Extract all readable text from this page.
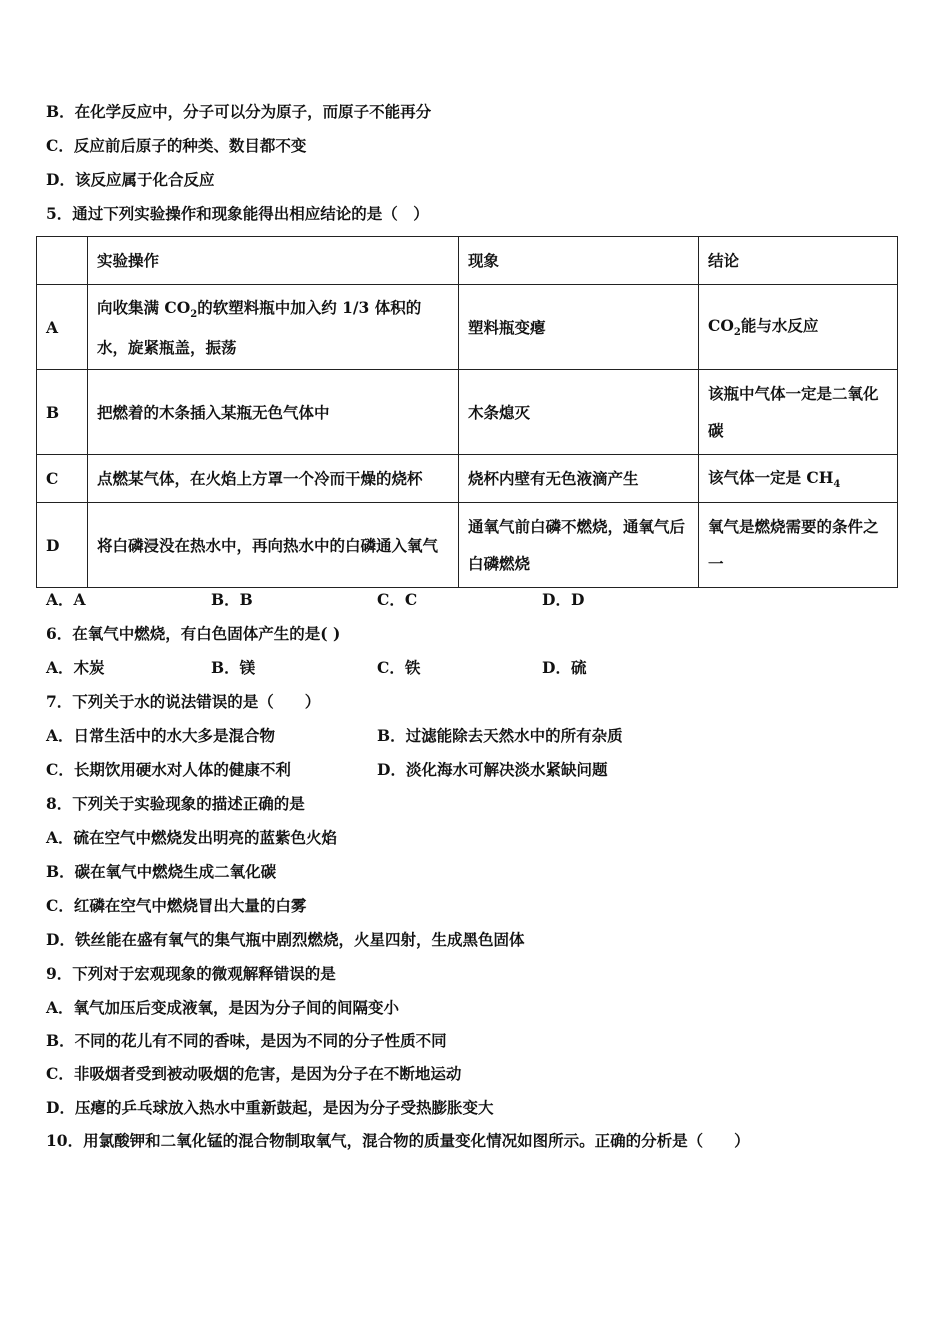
B．在化学反应中，分子可以分为原子，而原子不能再分
C．反应前后原子的种类、数目都不变
D．该反应属于化合反应
5．通过下列实验操作和现象能得出相应结论的是（　）
	实验操作	现象	结论
A	向收集满 $CO_2$的软塑料瓶中加入约 1/3 体积的水，旋紧瓶盖，振荡	塑料瓶变瘪	$CO_2$能与水反应
B	把燃着的木条插入某瓶无色气体中	木条熄灭	该瓶中气体一定是二氧化碳
C	点燃某气体，在火焰上方罩一个冷而干燥的烧杯	烧杯内壁有无色液滴产生	该气体一定是 $CH_4$
D	将白磷浸没在热水中，再向热水中的白磷通入氧气	通氧气前白磷不燃烧，通氧气后白磷燃烧	氧气是燃烧需要的条件之一
A．A	B．B	C．C	D．D
6．在氧气中燃烧，有白色固体产生的是( )
A．木炭	B．镁	C．铁	D．硫
7．下列关于水的说法错误的是（　　）
A．日常生活中的水大多是混合物	B．过滤能除去天然水中的所有杂质
C．长期饮用硬水对人体的健康不利	D．淡化海水可解决淡水紧缺问题
8．下列关于实验现象的描述正确的是
A．硫在空气中燃烧发出明亮的蓝紫色火焰
B．碳在氧气中燃烧生成二氧化碳
C．红磷在空气中燃烧冒出大量的白雾
D．铁丝能在盛有氧气的集气瓶中剧烈燃烧，火星四射，生成黑色固体
9．下列对于宏观现象的微观解释错误的是
A．氧气加压后变成液氧，是因为分子间的间隔变小
B．不同的花儿有不同的香味，是因为不同的分子性质不同
C．非吸烟者受到被动吸烟的危害，是因为分子在不断地运动
D．压瘪的乒乓球放入热水中重新鼓起，是因为分子受热膨胀变大
10．用氯酸钾和二氧化锰的混合物制取氧气，混合物的质量变化情况如图所示。正确的分析是（　　）
